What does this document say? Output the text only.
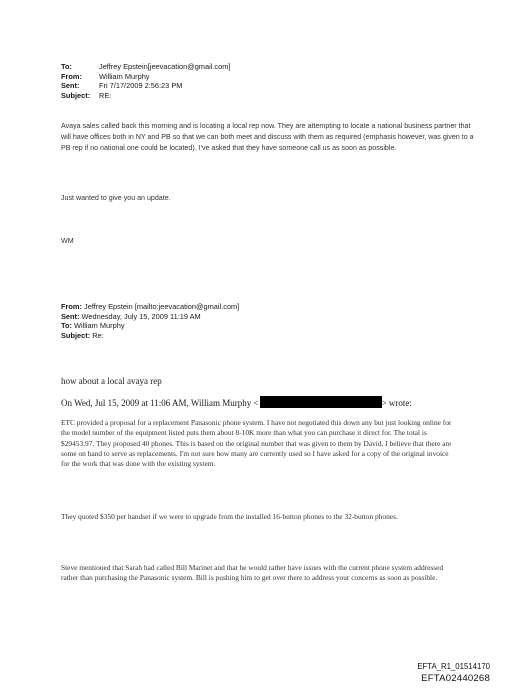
To:	Jeffrey Epstein[jeevacation@gmail.com]
From:	William Murphy
Sent:	Fri 7/17/2009 2:56:23 PM
Subject:	RE:
Avaya sales called back this morning and is locating a local rep now. They are attempting to locate a national business partner that will have offices both in NY and PB so that we can both meet and discuss with them as required (emphasis however, was given to a PB rep if no national one could be located). I've asked that they have someone call us as soon as possible.
Just wanted to give you an update.
WM
From: Jeffrey Epstein [mailto:jeevacation@gmail.com]
Sent: Wednesday, July 15, 2009 11:19 AM
To: William Murphy
Subject: Re:
how about a local avaya rep
On Wed, Jul 15, 2009 at 11:06 AM, William Murphy <	> wrote:
ETC provided a proposal for a replacement Panasonic phone system. I have not negotiated this down any but just looking online for the model number of the equipment listed puts them about 8-10K more than what you can purchase it direct for. The total is $29453.97. They proposed 40 phones. This is based on the original number that was given to them by David. I believe that there are some on hand to serve as replacements. I'm not sure how many are currently used so I have asked for a copy of the original invoice for the work that was done with the existing system.
They quoted $350 per handset if we were to upgrade from the installed 16-button phones to the 32-button phones.
Steve mentioned that Sarah had called Bill Marinet and that he would rather have issues with the current phone system addressed rather than purchasing the Panasonic system. Bill is pushing him to get over there to address your concerns as soon as possible.
EFTA_R1_01514170
EFTA02440268
